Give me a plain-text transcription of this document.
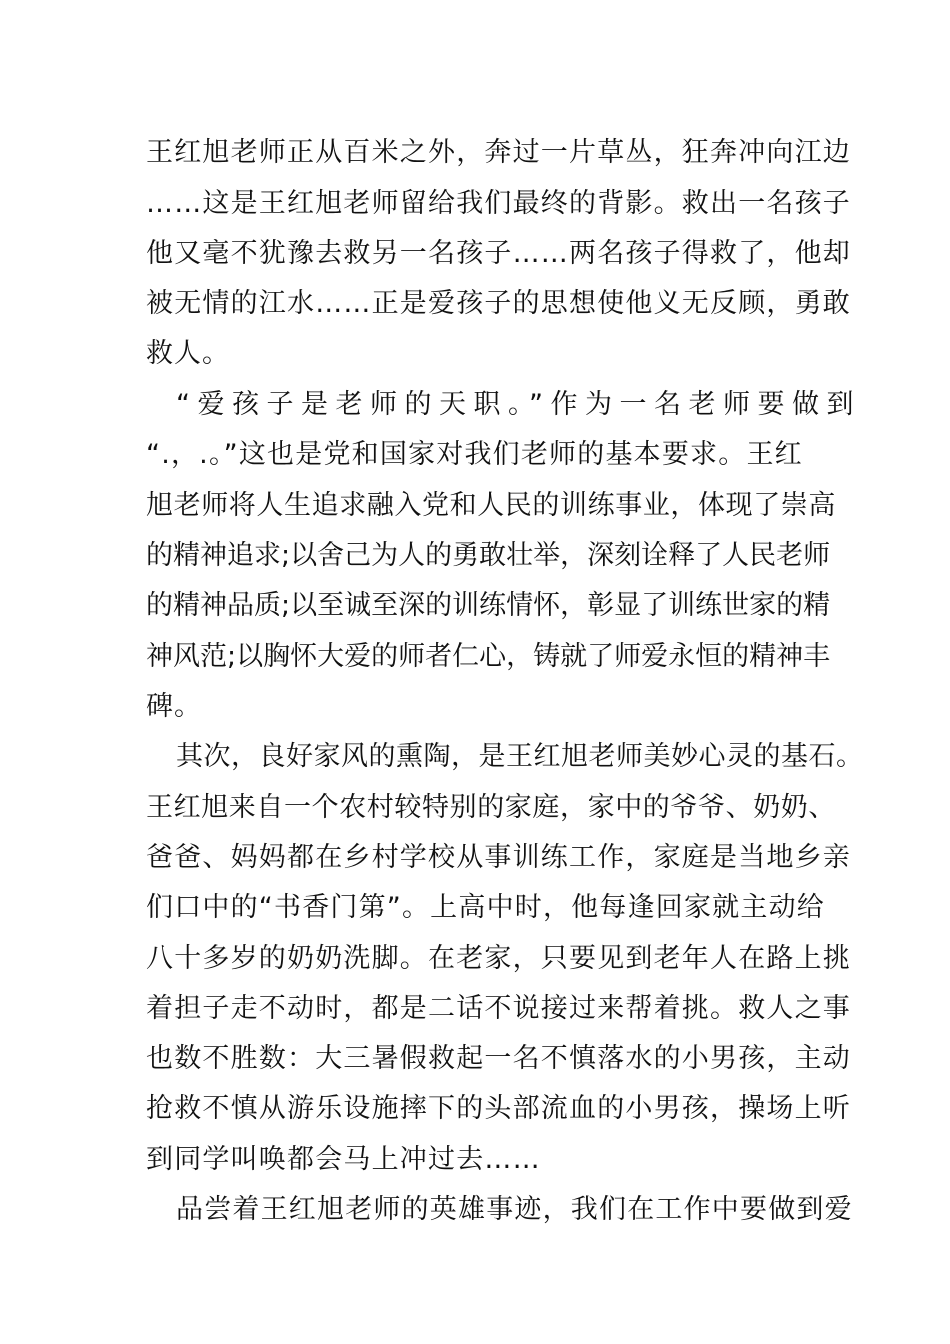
王红旭老师正从百米之外，奔过一片草丛，狂奔冲向江边
……这是王红旭老师留给我们最终的背影。救出一名孩子
他又毫不犹豫去救另一名孩子……两名孩子得救了，他却
被无情的江水……正是爱孩子的思想使他义无反顾，勇敢
救人。
“爱孩子是老师的天职。”作为一名老师要做到
“.，.。”这也是党和国家对我们老师的基本要求。王红
旭老师将人生追求融入党和人民的训练事业，体现了崇高
的精神追求;以舍己为人的勇敢壮举，深刻诠释了人民老师
的精神品质;以至诚至深的训练情怀，彰显了训练世家的精
神风范;以胸怀大爱的师者仁心，铸就了师爱永恒的精神丰
碑。
其次，良好家风的熏陶，是王红旭老师美妙心灵的基石。
王红旭来自一个农村较特别的家庭，家中的爷爷、奶奶、
爸爸、妈妈都在乡村学校从事训练工作，家庭是当地乡亲
们口中的“书香门第”。上高中时，他每逢回家就主动给
八十多岁的奶奶洗脚。在老家，只要见到老年人在路上挑
着担子走不动时，都是二话不说接过来帮着挑。救人之事
也数不胜数：大三暑假救起一名不慎落水的小男孩，主动
抢救不慎从游乐设施摔下的头部流血的小男孩，操场上听
到同学叫唤都会马上冲过去……
品尝着王红旭老师的英雄事迹，我们在工作中要做到爱
